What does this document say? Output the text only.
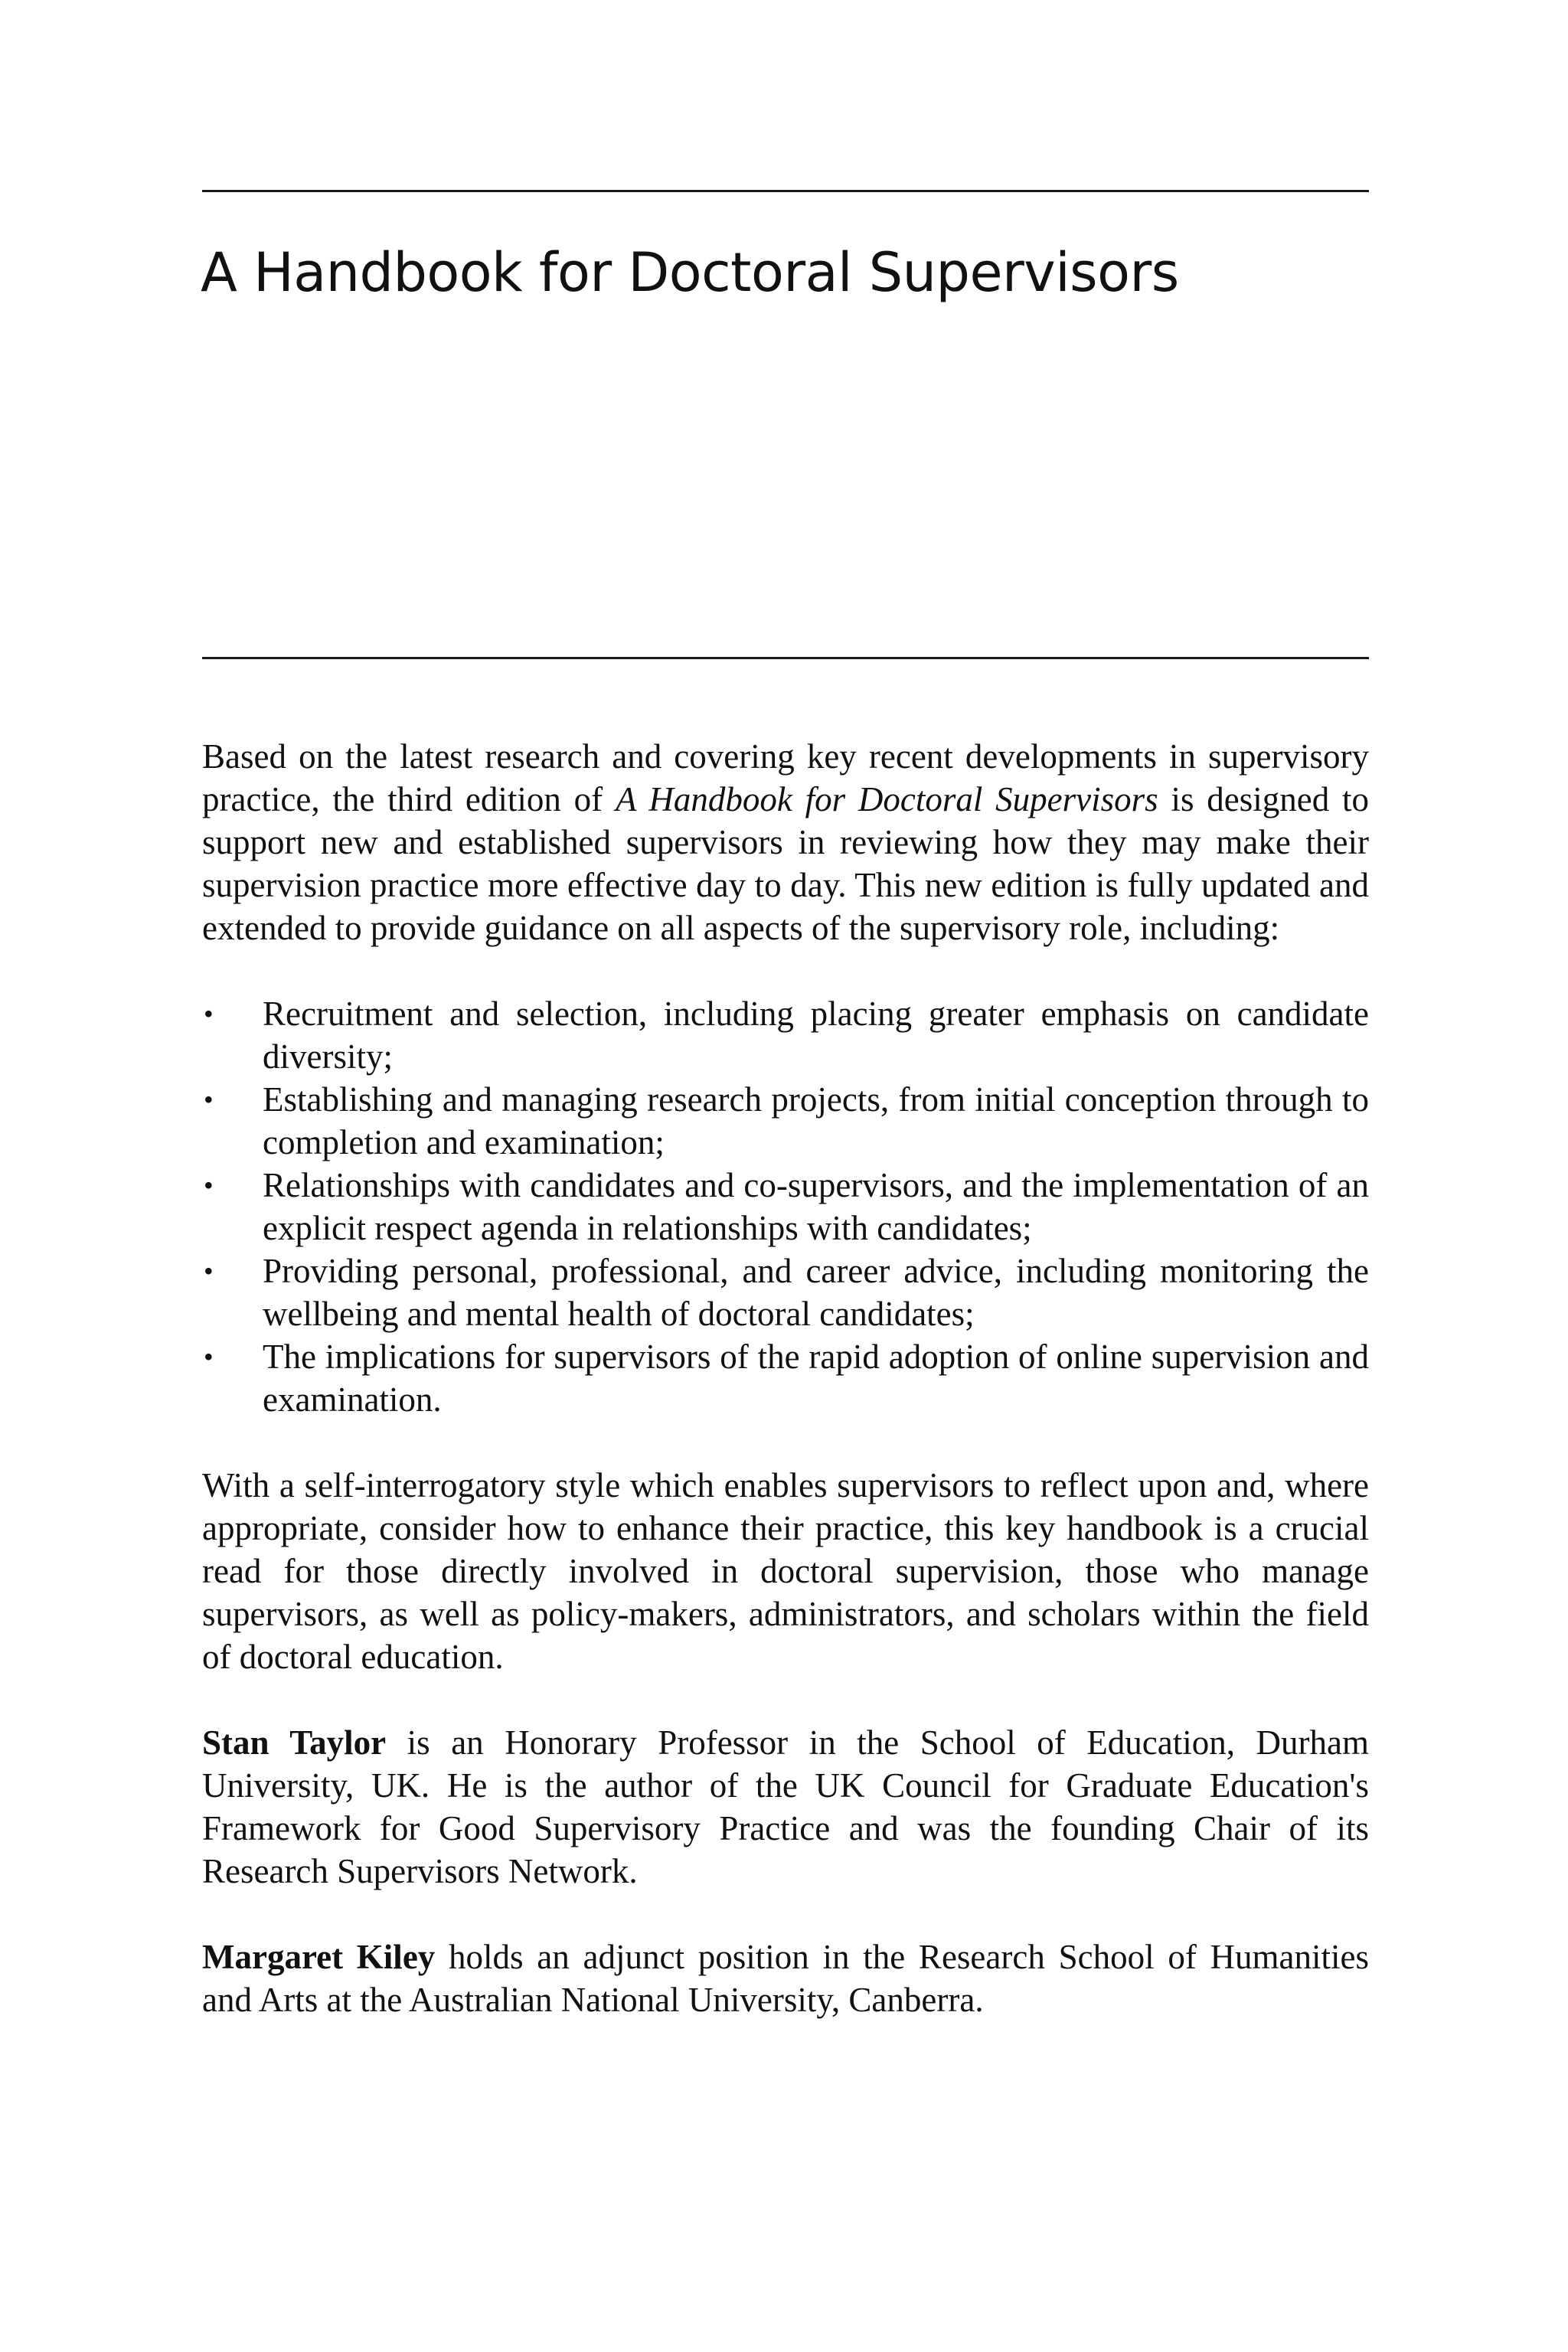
A Handbook for Doctoral Supervisors

Based on the latest research and covering key recent developments in supervisory practice, the third edition of A Handbook for Doctoral Supervisors is designed to support new and established supervisors in reviewing how they may make their supervision practice more effective day to day. This new edition is fully updated and extended to provide guidance on all aspects of the supervisory role, including:

• Recruitment and selection, including placing greater emphasis on candidate diversity;
• Establishing and managing research projects, from initial conception through to completion and examination;
• Relationships with candidates and co-supervisors, and the implementation of an explicit respect agenda in relationships with candidates;
• Providing personal, professional, and career advice, including monitoring the wellbeing and mental health of doctoral candidates;
• The implications for supervisors of the rapid adoption of online supervision and examination.

With a self-interrogatory style which enables supervisors to reflect upon and, where appropriate, consider how to enhance their practice, this key handbook is a crucial read for those directly involved in doctoral supervision, those who manage supervisors, as well as policy-makers, administrators, and scholars within the field of doctoral education.

Stan Taylor is an Honorary Professor in the School of Education, Durham University, UK. He is the author of the UK Council for Graduate Education's Framework for Good Supervisory Practice and was the founding Chair of its Research Supervisors Network.

Margaret Kiley holds an adjunct position in the Research School of Humanities and Arts at the Australian National University, Canberra.
